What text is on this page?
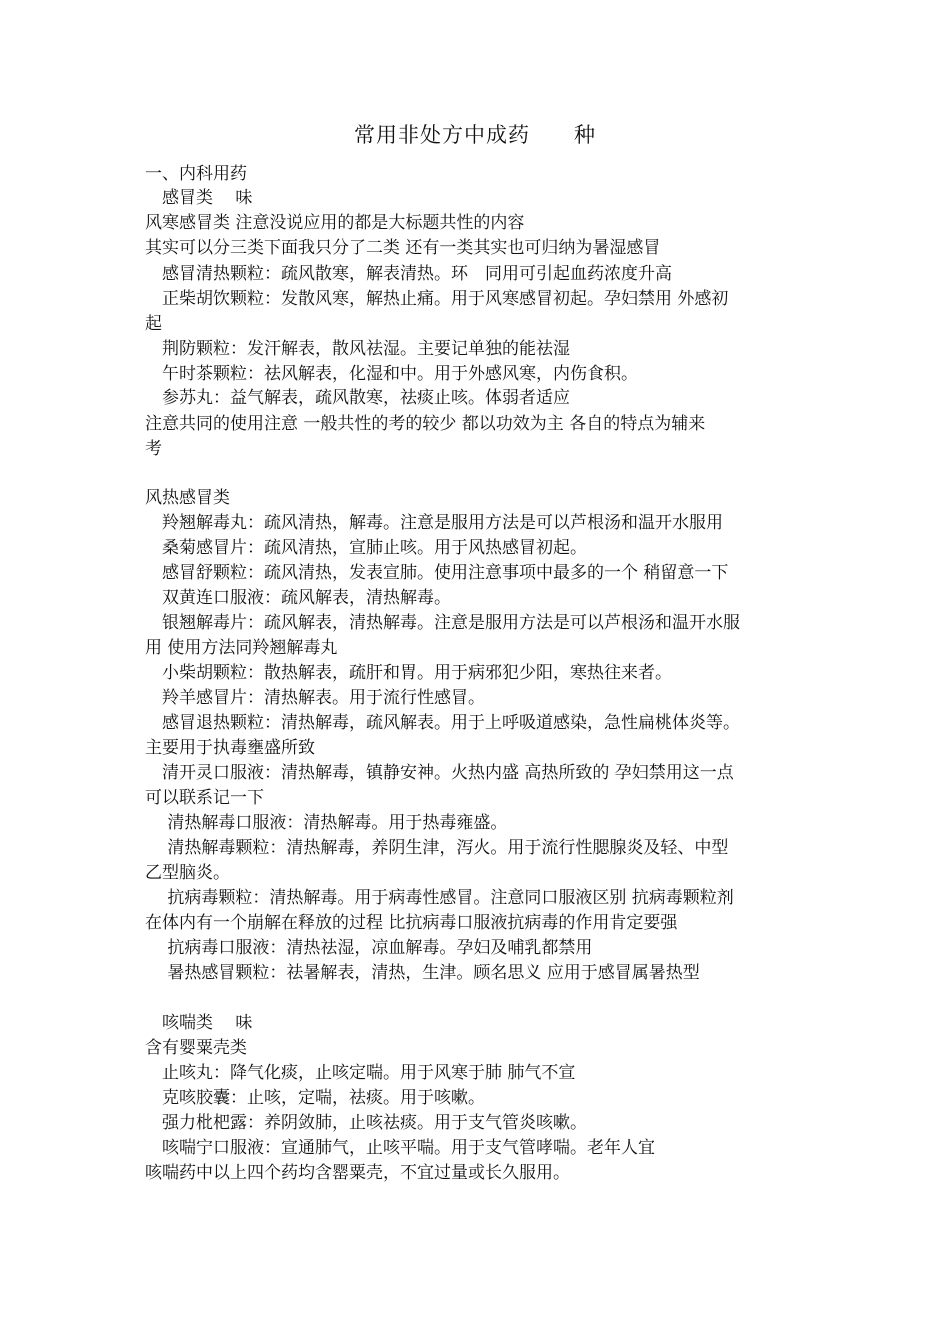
常用非处方中成药　　种
一、内科用药
　感冒类　 味
风寒感冒类 注意没说应用的都是大标题共性的内容
其实可以分三类下面我只分了二类 还有一类其实也可归纳为暑湿感冒
　感冒清热颗粒：疏风散寒，解表清热。环　同用可引起血药浓度升高
　正柴胡饮颗粒：发散风寒，解热止痛。用于风寒感冒初起。孕妇禁用 外感初
起
　荆防颗粒：发汗解表，散风祛湿。主要记单独的能祛湿
　午时茶颗粒：祛风解表，化湿和中。用于外感风寒，内伤食积。
　参苏丸：益气解表，疏风散寒，祛痰止咳。体弱者适应
注意共同的使用注意 一般共性的考的较少 都以功效为主 各自的特点为辅来
考
风热感冒类
　羚翘解毒丸：疏风清热，解毒。注意是服用方法是可以芦根汤和温开水服用
　桑菊感冒片：疏风清热，宣肺止咳。用于风热感冒初起。
　感冒舒颗粒：疏风清热，发表宣肺。使用注意事项中最多的一个 稍留意一下
　双黄连口服液：疏风解表，清热解毒。
　银翘解毒片：疏风解表，清热解毒。注意是服用方法是可以芦根汤和温开水服
用 使用方法同羚翘解毒丸
　小柴胡颗粒：散热解表，疏肝和胃。用于病邪犯少阳，寒热往来者。
　羚羊感冒片：清热解表。用于流行性感冒。
　感冒退热颗粒：清热解毒，疏风解表。用于上呼吸道感染，急性扁桃体炎等。
主要用于执毒壅盛所致
　清开灵口服液：清热解毒，镇静安神。火热内盛 高热所致的 孕妇禁用这一点
可以联系记一下
　 清热解毒口服液：清热解毒。用于热毒雍盛。
　 清热解毒颗粒：清热解毒，养阴生津，泻火。用于流行性腮腺炎及轻、中型
乙型脑炎。
　 抗病毒颗粒：清热解毒。用于病毒性感冒。注意同口服液区别 抗病毒颗粒剂
在体内有一个崩解在释放的过程 比抗病毒口服液抗病毒的作用肯定要强
　 抗病毒口服液：清热祛湿，凉血解毒。孕妇及哺乳都禁用
　 暑热感冒颗粒：祛暑解表，清热，生津。顾名思义 应用于感冒属暑热型
　咳喘类　 味
含有婴粟壳类
　止咳丸：降气化痰，止咳定喘。用于风寒于肺 肺气不宣
　克咳胶囊：止咳，定喘，祛痰。用于咳嗽。
　强力枇杷露：养阴敛肺，止咳祛痰。用于支气管炎咳嗽。
　咳喘宁口服液：宣通肺气，止咳平喘。用于支气管哮喘。老年人宜
咳喘药中以上四个药均含罂粟壳，不宜过量或长久服用。
